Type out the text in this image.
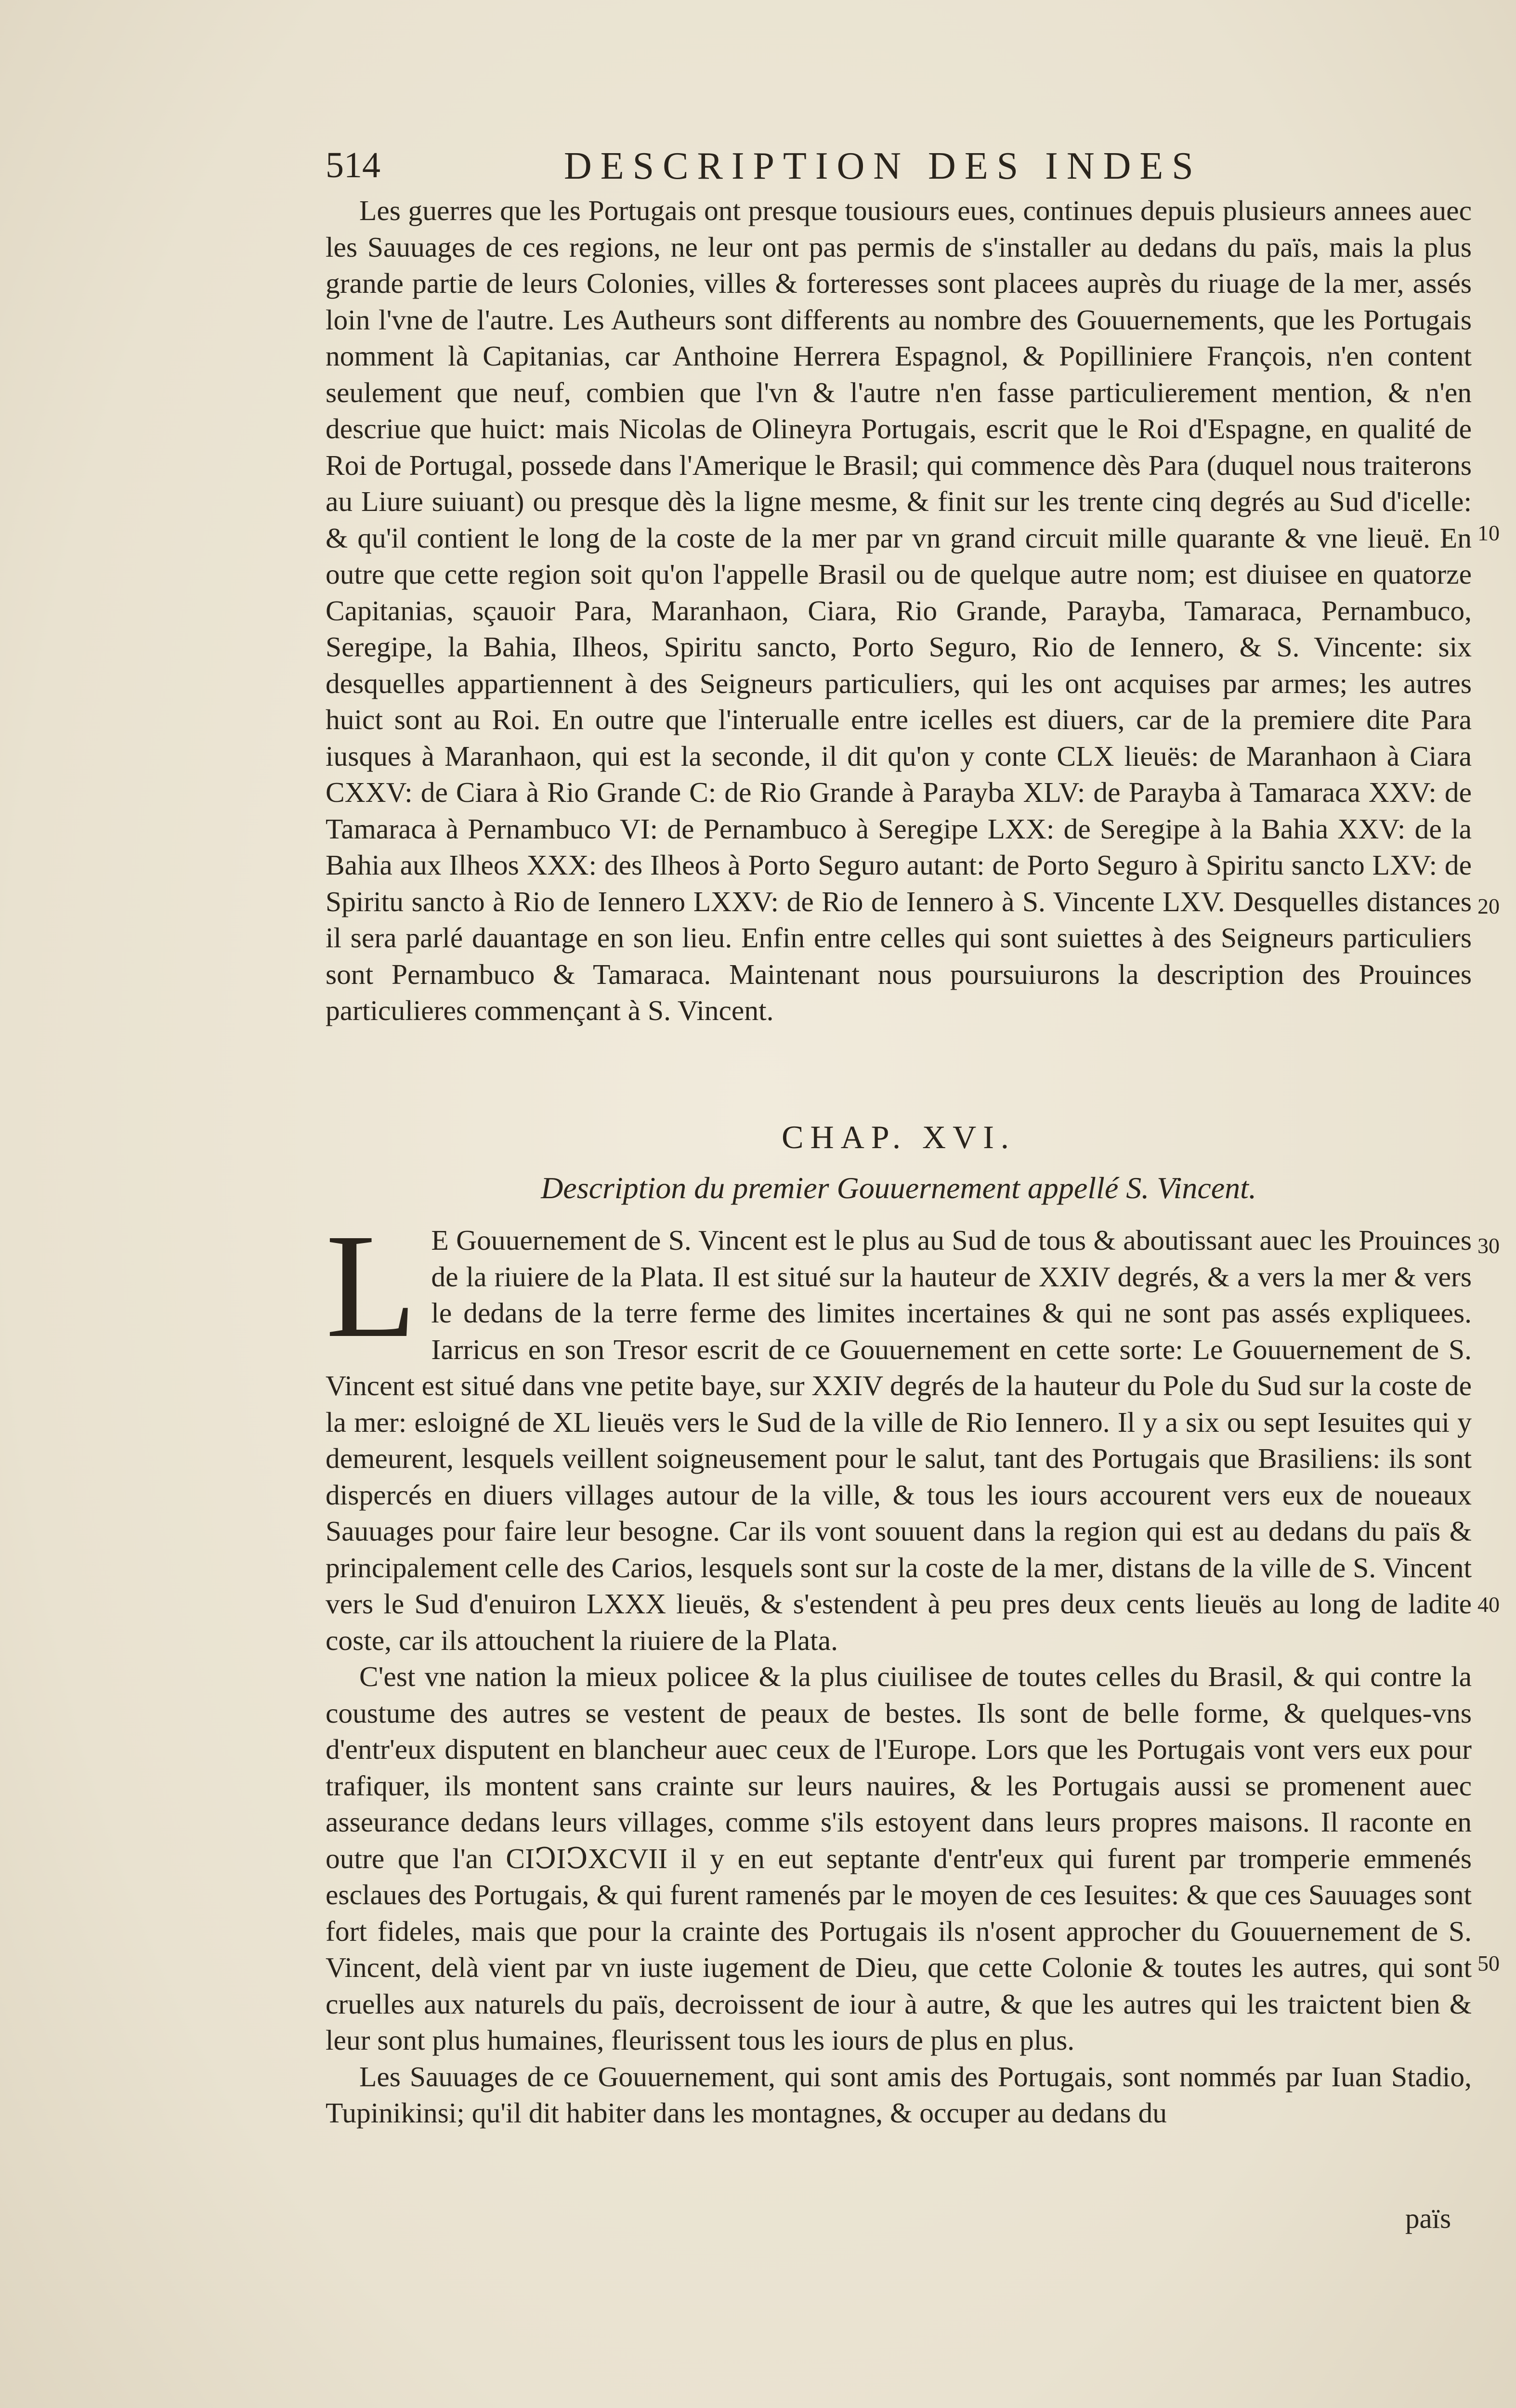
514	DESCRIPTION DES INDES

Les guerres que les Portugais ont presque tousiours eues, continues depuis plusieurs annees auec les Sauuages de ces regions, ne leur ont pas permis de s'installer au dedans du païs, mais la plus grande partie de leurs Colonies, villes & forteresses sont placees auprès du riuage de la mer, assés loin l'vne de l'autre. Les Autheurs sont differents au nombre des Gouuernements, que les Portugais nomment là Capitanias, car Anthoine Herrera Espagnol, & Popilliniere François, n'en content seulement que neuf, combien que l'vn & l'autre n'en fasse particulierement mention, & n'en descriue que huict: mais Nicolas de Olineyra Portugais, escrit que le Roi d'Espagne, en qualité de Roi de Portugal, possede dans l'Amerique le Brasil; qui commence dès Para (duquel nous traiterons au Liure suiuant) ou presque dès la ligne mesme, & finit sur les trente cinq degrés au Sud d'icelle: & qu'il contient le long de la coste de la mer par vn grand circuit mille quarante & vne lieuë. En outre que cette region soit qu'on l'appelle Brasil ou de quelque autre nom; est diuisee en quatorze Capitanias, sçauoir Para, Maranhaon, Ciara, Rio Grande, Parayba, Tamaraca, Pernambuco, Seregipe, la Bahia, Ilheos, Spiritu sancto, Porto Seguro, Rio de Iennero, & S. Vincente: six desquelles appartiennent à des Seigneurs particuliers, qui les ont acquises par armes; les autres huict sont au Roi. En outre que l'interualle entre icelles est diuers, car de la premiere dite Para iusques à Maranhaon, qui est la seconde, il dit qu'on y conte CLX lieuës: de Maranhaon à Ciara CXXV: de Ciara à Rio Grande C: de Rio Grande à Parayba XLV: de Parayba à Tamaraca XXV: de Tamaraca à Pernambuco VI: de Pernambuco à Seregipe LXX: de Seregipe à la Bahia XXV: de la Bahia aux Ilheos XXX: des Ilheos à Porto Seguro autant: de Porto Seguro à Spiritu sancto LXV: de Spiritu sancto à Rio de Iennero LXXV: de Rio de Iennero à S. Vincente LXV. Desquelles distances il sera parlé dauantage en son lieu. Enfin entre celles qui sont suiettes à des Seigneurs particuliers sont Pernambuco & Tamaraca. Maintenant nous poursuiurons la description des Prouinces particulieres commençant à S. Vincent.

CHAP. XVI.
Description du premier Gouuernement appellé S. Vincent.

L E Gouuernement de S. Vincent est le plus au Sud de tous & aboutissant auec les Prouinces de la riuiere de la Plata. Il est situé sur la hauteur de XXIV degrés, & a vers la mer & vers le dedans de la terre ferme des limites incertaines & qui ne sont pas assés expliquees. Iarricus en son Tresor escrit de ce Gouuernement en cette sorte: Le Gouuernement de S. Vincent est situé dans vne petite baye, sur XXIV degrés de la hauteur du Pole du Sud sur la coste de la mer: esloigné de XL lieuës vers le Sud de la ville de Rio Iennero. Il y a six ou sept Iesuites qui y demeurent, lesquels veillent soigneusement pour le salut, tant des Portugais que Brasiliens: ils sont dispercés en diuers villages autour de la ville, & tous les iours accourent vers eux de noueaux Sauuages pour faire leur besogne. Car ils vont souuent dans la region qui est au dedans du païs & principalement celle des Carios, lesquels sont sur la coste de la mer, distans de la ville de S. Vincent vers le Sud d'enuiron LXXX lieuës, & s'estendent à peu pres deux cents lieuës au long de ladite coste, car ils attouchent la riuiere de la Plata.

C'est vne nation la mieux policee & la plus ciuilisee de toutes celles du Brasil, & qui contre la coustume des autres se vestent de peaux de bestes. Ils sont de belle forme, & quelques-vns d'entr'eux disputent en blancheur auec ceux de l'Europe. Lors que les Portugais vont vers eux pour trafiquer, ils montent sans crainte sur leurs nauires, & les Portugais aussi se promenent auec asseurance dedans leurs villages, comme s'ils estoyent dans leurs propres maisons. Il raconte en outre que l'an CIↃIↃXCVII il y en eut septante d'entr'eux qui furent par tromperie emmenés esclaues des Portugais, & qui furent ramenés par le moyen de ces Iesuites: & que ces Sauuages sont fort fideles, mais que pour la crainte des Portugais ils n'osent approcher du Gouuernement de S. Vincent, delà vient par vn iuste iugement de Dieu, que cette Colonie & toutes les autres, qui sont cruelles aux naturels du païs, decroissent de iour à autre, & que les autres qui les traictent bien & leur sont plus humaines, fleurissent tous les iours de plus en plus.

Les Sauuages de ce Gouuernement, qui sont amis des Portugais, sont nommés par Iuan Stadio, Tupinikinsi; qu'il dit habiter dans les montagnes, & occuper au dedans du

10
20
30
40
50
païs
